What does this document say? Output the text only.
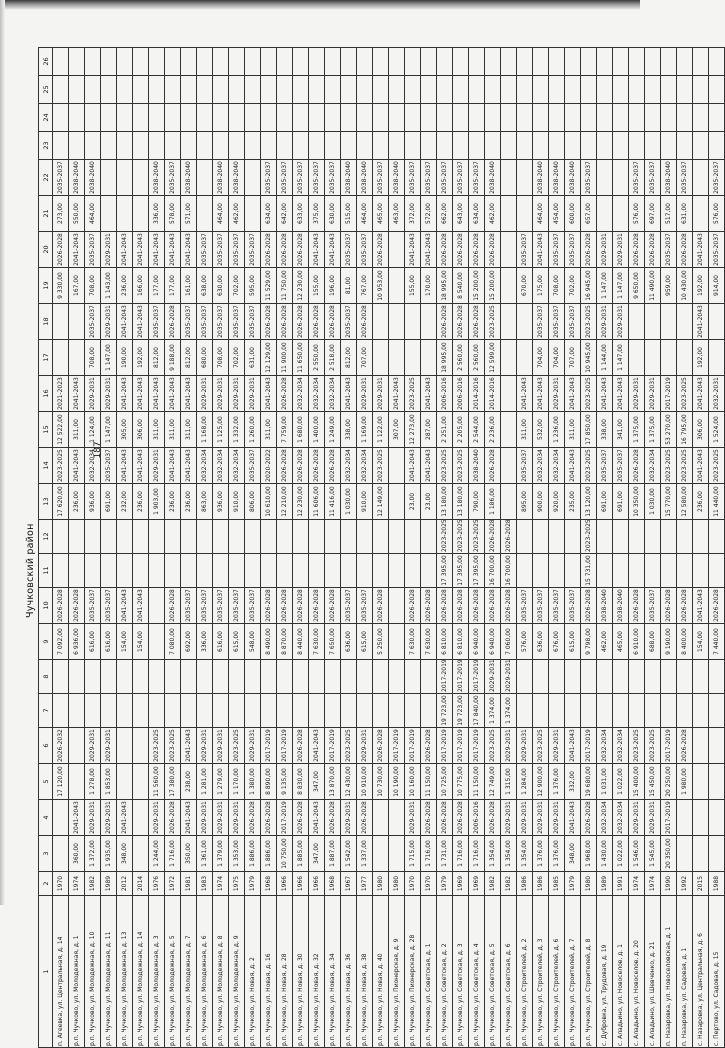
187
Чучковский район
1	2	3	4	5	6	7	8	9	10	11	12	13	14	15	16	17	18	19	20	21	22	23	24	25	26
п. Агеевка, ул. Центральная, д. 14	1970			17 120,00	2026-2032			7 092,00	2026-2028			17 620,00	2023-2025	12 522,00	2021-2023			9 330,00	2026-2028	273,00	2035-2037				
р.п. Чучково, ул. Молодежная, д. 1	1974	360,00	2041-2043					6 936,00	2026-2028			236,00	2041-2043	311,00	2041-2043			167,00	2041-2043	550,00	2038-2040				
р.п. Чучково, ул. Молодежная, д. 10	1982	1 372,00	2029-2031	1 278,00	2029-2031			616,00	2035-2037			936,00	2032-2034	1 124,00	2029-2031	708,00	2035-2037	708,00	2035-2037	464,00	2038-2040				
р.п. Чучково, ул. Молодежная, д. 11	1989	1 935,00	2029-2031	1 853,00	2029-2031			616,00	2035-2037			691,00	2035-2037	1 147,00	2029-2031	1 147,00	2029-2031	1 143,00	2029-2031						
р.п. Чучково, ул. Молодежная, д. 13	2012	348,00	2041-2043					154,00	2041-2043			232,00	2041-2043	305,00	2041-2043	190,00	2041-2043	236,00	2041-2043						
р.п. Чучково, ул. Молодежная, д. 14	2014							154,00	2041-2043			236,00	2041-2043	306,00	2041-2043	192,00	2041-2043	166,00	2041-2043						
р.п. Чучково, ул. Молодежная, д. 3	1976	1 244,00	2029-2031	11 560,00	2023-2025							1 903,00	2029-2031	311,00	2041-2043	812,00	2035-2037	177,00	2041-2043	336,00	2038-2040				
р.п. Чучково, ул. Молодежная, д. 5	1972	1 716,00	2026-2028	17 380,00	2023-2025			7 080,00	2026-2028			236,00	2041-2043	311,00	2041-2043	9 188,00	2026-2028	177,00	2041-2043	578,00	2035-2037				
р.п. Чучково, ул. Молодежная, д. 7	1981	350,00	2041-2043	238,00	2041-2043			692,00	2035-2037			236,00	2041-2043	311,00	2041-2043	812,00	2035-2037	161,00	2041-2043	571,00	2038-2040				
р.п. Чучково, ул. Молодежная, д. 6	1983	1 361,00	2029-2031	1 281,00	2029-2031			336,00	2035-2037			863,00	2032-2034	1 168,00	2029-2031	680,00	2035-2037	638,00	2035-2037						
р.п. Чучково, ул. Молодежная, д. 8	1974	1 379,00	2029-2031	1 279,00	2029-2031			616,00	2035-2037			936,00	2032-2034	1 125,00	2029-2031	708,00	2035-2037	630,00	2035-2037	464,00	2038-2040				
р.п. Чучково, ул. Молодежная, д. 9	1975	1 353,00	2029-2031	1 170,00	2023-2025			615,00	2035-2037			910,00	2032-2034	1 332,00	2029-2031	702,00	2035-2037	702,00	2035-2037	462,00	2038-2040				
р.п. Чучково, ул. Новая, д. 2	1979	1 886,00	2026-2028	1 380,00	2029-2031			548,00	2035-2037			806,00	2035-2037	1 260,00	2029-2031	631,00	2035-2037	595,00	2035-2037						
р.п. Чучково, ул. Новая, д. 16	1968	1 886,00	2026-2028	8 890,00	2017-2019			8 490,00	2026-2028			10 610,00	2020-2022	311,00	2041-2043	12 129,00	2026-2028	11 529,00	2026-2028	634,00	2035-2037				
р.п. Чучково, ул. Новая, д. 28	1966	10 750,00	2017-2019	9 135,00	2017-2019			8 870,00	2026-2028			12 210,00	2026-2028	7 759,00	2026-2028	11 900,00	2026-2028	11 750,00	2026-2028	642,00	2035-2037				
р.п. Чучково, ул. Новая, д. 30	1966	1 885,00	2026-2028	8 830,00	2026-2028			8 440,00	2026-2028			12 230,00	2026-2028	1 680,00	2032-2034	11 650,00	2026-2028	12 230,00	2026-2028	633,00	2035-2037				
р.п. Чучково, ул. Новая, д. 32	1966	347,00	2041-2043	347,00	2041-2043			7 630,00	2026-2028			11 606,00	2026-2028	1 400,00	2032-2034	2 550,00	2026-2028	155,00	2041-2043	375,00	2035-2037				
р.п. Чучково, ул. Новая, д. 34	1968	1 887,00	2026-2028	13 870,00	2017-2019			7 650,00	2026-2028			11 416,00	2026-2028	1 249,00	2032-2034	2 518,00	2026-2028	196,00	2041-2043	630,00	2035-2037				
р.п. Чучково, ул. Новая, д. 36	1967	1 542,00	2029-2031	12 430,00	2023-2025			636,00	2035-2037			1 030,00	2032-2034	338,00	2041-2043	812,00	2035-2037	81,00	2035-2037	515,00	2038-2040				
р.п. Чучково, ул. Новая, д. 38	1977	1 337,00	2026-2028	10 910,00	2029-2031			615,00	2035-2037			910,00	2032-2034	1 169,00	2029-2031	707,00	2026-2028	767,00	2035-2037	464,00	2038-2040				
р.п. Чучково, ул. Новая, д. 40	1980			10 730,00	2026-2028			5 250,00	2026-2028			12 149,00	2023-2025	1 122,00	2029-2031			10 953,00	2026-2028	465,00	2035-2037				
р.п. Чучково, ул. Пионерская, д. 9	1980			10 190,00	2017-2019									307,00	2041-2043					463,00	2038-2040				
р.п. Чучково, ул. Пионерская, д. 28	1970	1 715,00	2029-2031	10 160,00	2017-2019			7 630,00	2026-2028			23,00	2041-2043	12 273,00	2023-2025			155,00	2041-2043	372,00	2035-2037				
р.п. Чучково, ул. Советская, д. 1	1970	1 716,00	2026-2028	11 150,00	2026-2028			7 630,00	2026-2028			23,00	2041-2043	287,00	2041-2043			170,00	2041-2043	572,00	2035-2037				
р.п. Чучково, ул. Советская, д. 2	1979	1 731,00	2026-2028	10 725,00	2017-2019	19 723,00	2017-2019	6 810,00	2026-2028	17 395,00	2023-2025	13 180,00	2023-2025	2 251,00	2006-2016	18 995,00	2026-2028	18 995,00	2026-2028	662,00	2035-2037				
р.п. Чучково, ул. Советская, д. 3	1969	1 716,00	2026-2028	10 775,00	2017-2019	19 723,00	2017-2019	6 810,00	2026-2028	17 395,00	2023-2025	13 180,00	2023-2025	2 205,00	2006-2016	2 560,00	2026-2028	8 540,00	2026-2028	643,00	2035-2037				
р.п. Чучково, ул. Советская, д. 4	1969	1 716,00	2006-2016	11 150,00	2017-2019	17 840,00	2017-2019	6 940,00	2026-2028	17 395,00	2023-2025	790,00	2038-2040	2 544,00	2014-2016	2 560,00	2026-2028	15 200,00	2026-2028	634,00	2035-2037				
р.п. Чучково, ул. Советская, д. 5	1982	1 354,00	2026-2028	12 749,00	2023-2025	1 374,00	2029-2031	6 940,00	2026-2028	16 700,00	2026-2028	1 186,00	2026-2028	2 236,00	2014-2016	12 599,00	2023-2025	15 200,00	2026-2028	462,00	2038-2040				
р.п. Чучково, ул. Советская, д. 6	1982	1 354,00	2029-2031	1 315,00	2029-2031	1 374,00	2029-2031	7 060,00	2026-2028	16 700,00	2026-2028														
р.п. Чучково, ул. Строителей, д. 2	1986	1 354,00	2029-2031	1 284,00	2029-2031			576,00	2035-2037			895,00	2035-2037	311,00	2041-2043			670,00	2035-2037						
р.п. Чучково, ул. Строителей, д. 3	1986	1 376,00	2029-2031	12 900,00	2023-2025			636,00	2035-2037			900,00	2032-2034	532,00	2041-2043	704,00	2035-2037	175,00	2041-2043	464,00	2038-2040				
р.п. Чучково, ул. Строителей, д. 6	1985	1 376,00	2029-2031	1 376,00	2029-2031			676,00	2035-2037			920,00	2032-2034	1 236,00	2029-2031	704,00	2035-2037	708,00	2035-2037	454,00	2038-2040				
р.п. Чучково, ул. Строителей, д. 7	1979	348,00	2041-2043	332,00	2041-2043			615,00	2035-2037			235,00	2041-2043	311,00	2041-2043	707,00	2035-2037	702,00	2035-2037	600,00	2038-2040				
р.п. Чучково, ул. Строителей, д. 8	1980	1 968,00	2026-2028	19 680,00	2017-2019			9 798,00	2026-2028	15 731,00	2023-2025	13 120,00	2023-2025	17 850,00	2023-2025	10 945,00	2023-2025	16 945,00	2026-2028	657,00	2035-2037				
с. Дубровка, ул. Трудовая, д. 19	1989	1 430,00	2032-2034	1 031,00	2032-2034			462,00	2038-2040			691,00	2035-2037	338,00	2041-2043	1 144,00	2029-2031	1 147,00	2029-2031						
с. Аладьино, ул. Новоселов, д. 1	1991	1 022,00	2032-2034	1 022,00	2032-2034			465,00	2038-2040			691,00	2035-2037	341,00	2041-2043	1 147,00	2029-2031	1 147,00	2029-2031						
с. Аладьино, ул. Новоселов, д. 20	1974	1 546,00	2029-2031	15 400,00	2023-2025			6 910,00	2026-2028			10 350,00	2026-2028	1 375,00	2029-2031			9 650,00	2026-2028	576,00	2035-2037				
с. Аладьино, ул. Шевченко, д. 21	1974	1 545,00	2029-2031	15 450,00	2023-2025			688,00	2035-2037			1 030,00	2032-2034	1 375,00	2029-2031			11 490,00	2026-2028	697,00	2035-2037				
п. Назаровка, ул. Новоселовская, д. 1	1990	20 350,00	2017-2019	20 250,00	2017-2019			9 190,00	2026-2028			15 770,00	2023-2025	53 270,00	2017-2019			959,00	2035-2037	517,00	2038-2040				
п. Назаровка, ул. Садовая, д. 1	1992			1 980,00	2026-2028			8 400,00	2026-2028			12 580,00	2023-2025	16 795,00	2023-2025			10 430,00	2026-2028	631,00	2035-2037				
с. Назаровка, ул. Центральная, д. 6	2015							154,00	2041-2043			236,00	2041-2043	306,00	2041-2043	192,00	2041-2043	192,00	2041-2043						
с. Пертово, ул. Садовая, д. 15	1988							7 440,00	2026-2028			11 440,00	2023-2025	1 524,00	2032-2031			914,00	2035-2037	576,00	2035-2037				
